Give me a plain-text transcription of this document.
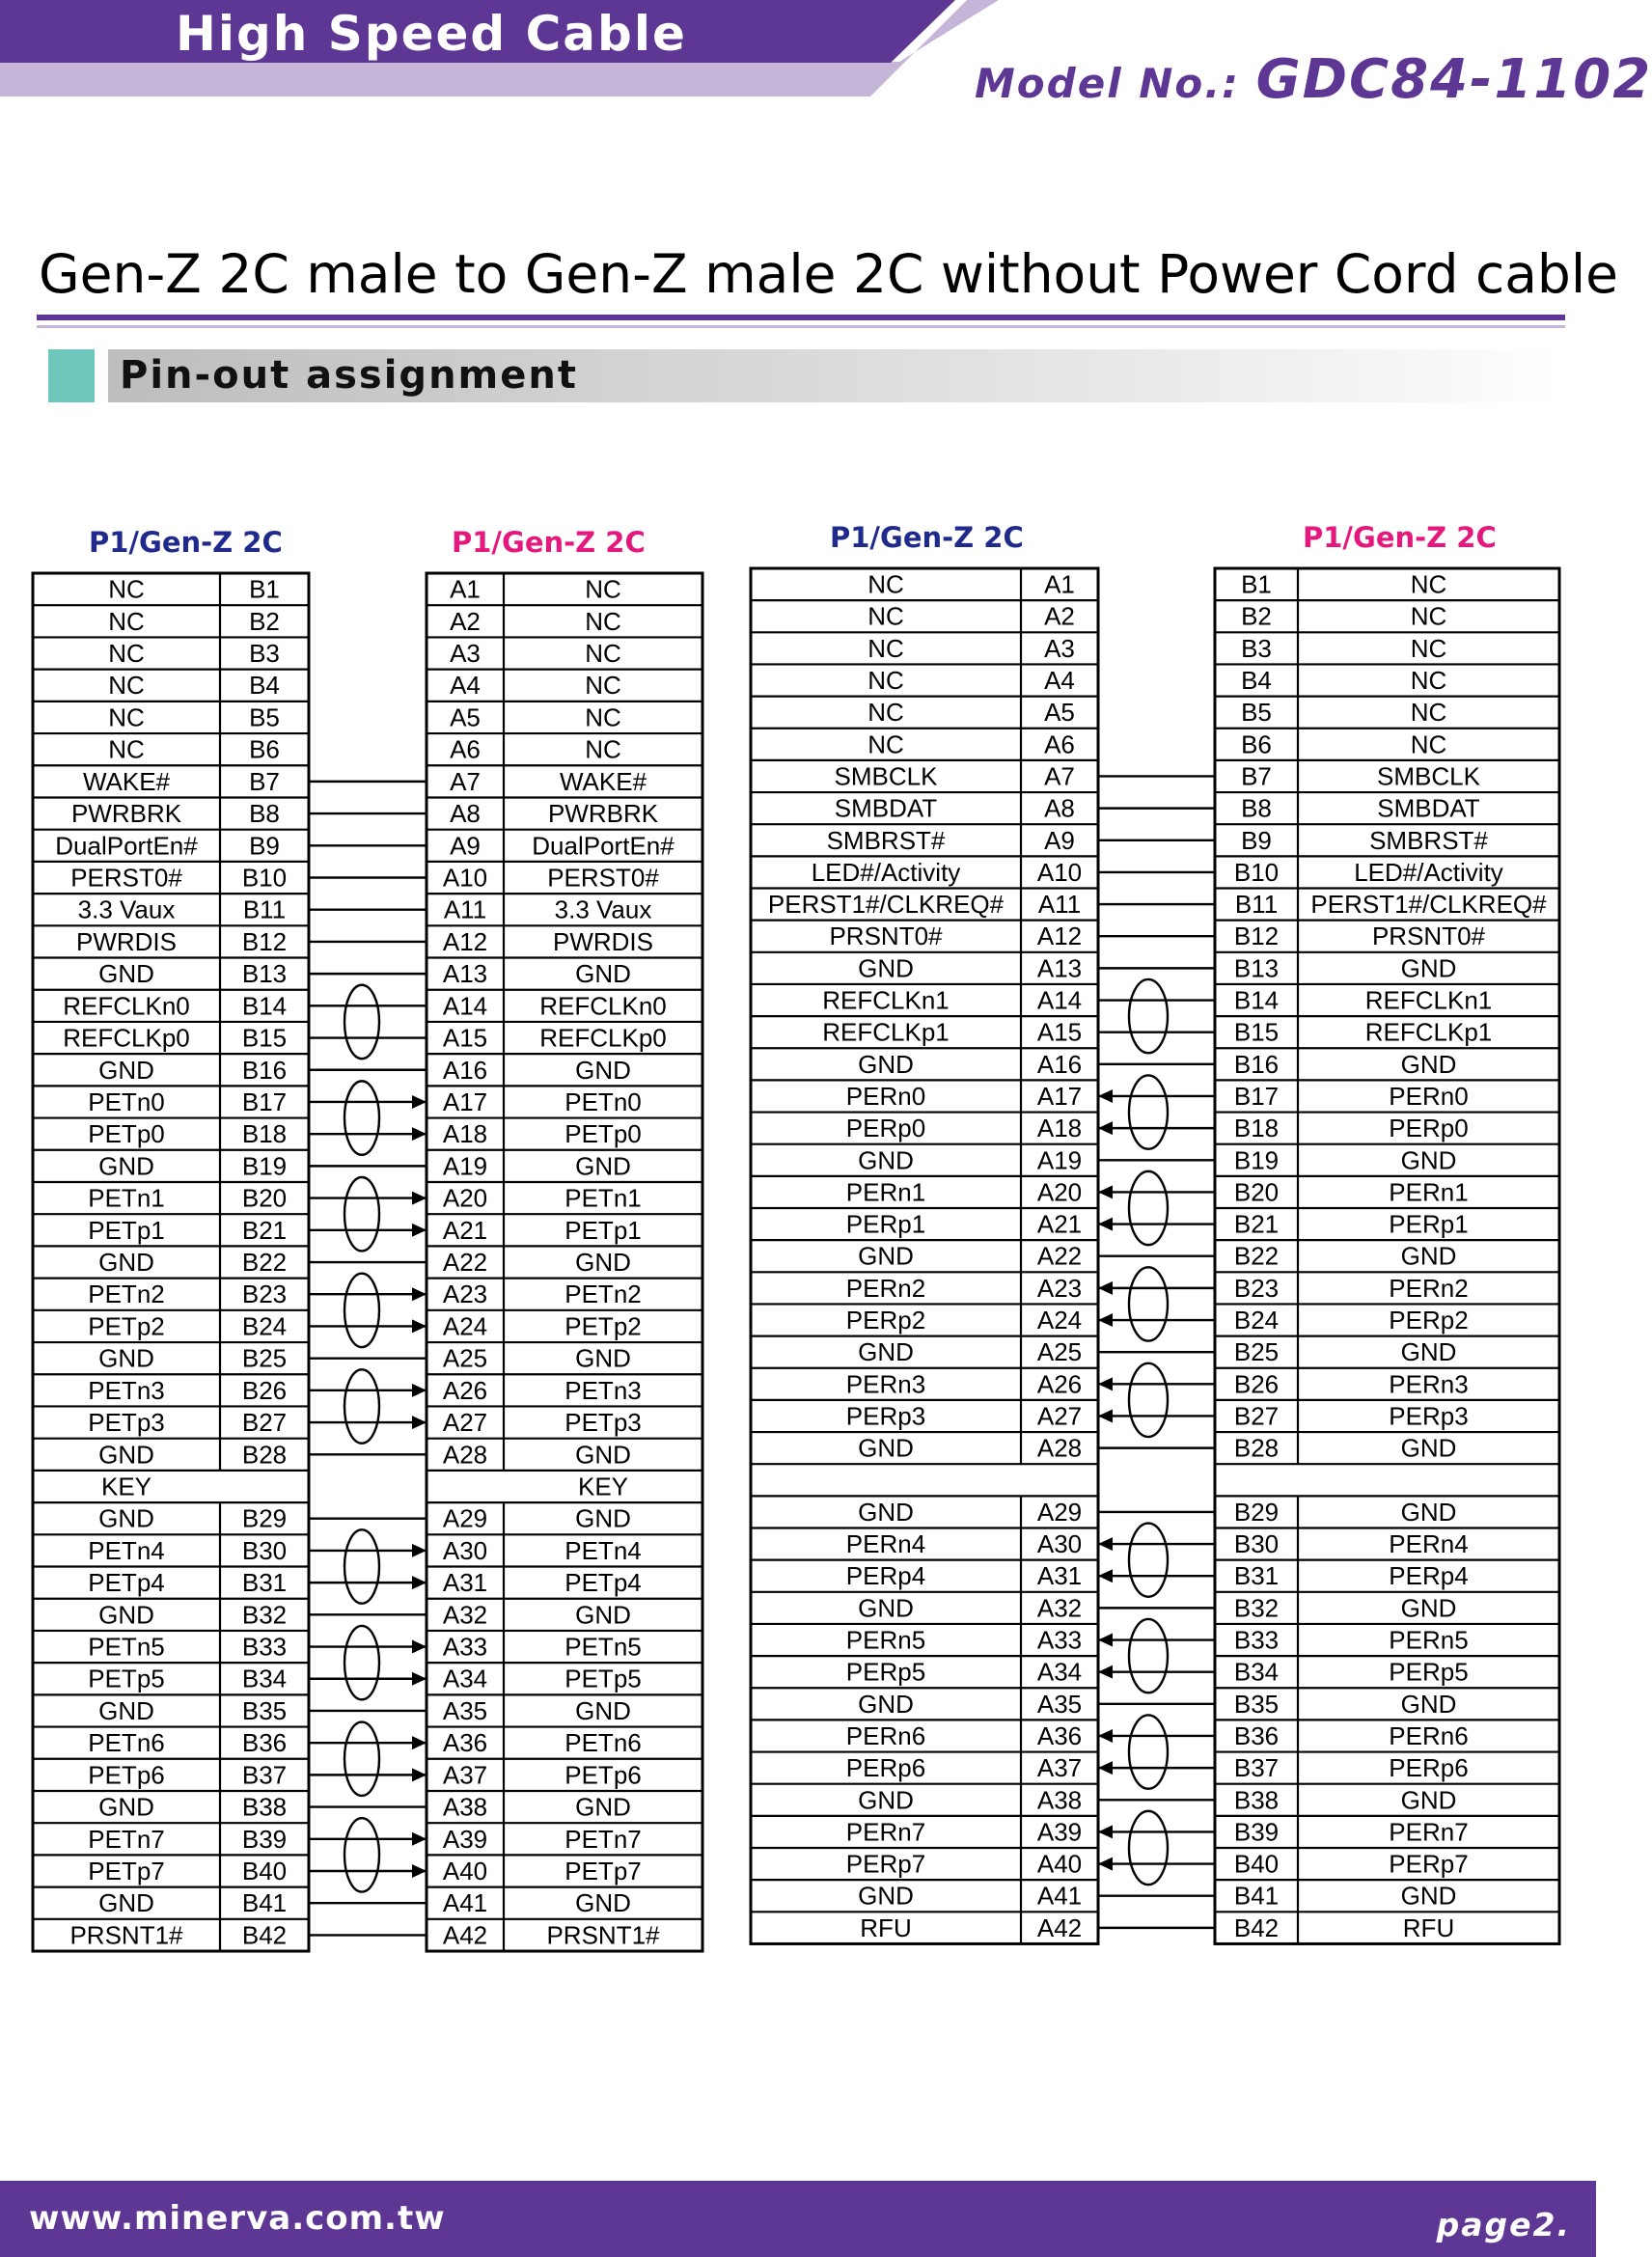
High Speed Cable
Model No.: GDC84-1102
Gen-Z 2C male to Gen-Z male 2C without Power Cord cable
Pin-out assignment
P1/Gen-Z 2C	P1/Gen-Z 2C	P1/Gen-Z 2C	P1/Gen-Z 2C
NC	B1	A1	NC
NC	B2	A2	NC
NC	B3	A3	NC
NC	B4	A4	NC
NC	B5	A5	NC
NC	B6	A6	NC
WAKE#	B7	A7	WAKE#
PWRBRK	B8	A8	PWRBRK
DualPortEn# B9	A9 DualPortEn#
PERST0# B10	A10 PERST0#
3.3 Vaux	B11	A11	3.3 Vaux
PWRDIS	B12	A12	PWRDIS
GND	B13	A13	GND
REFCLKn0 B14	A14 REFCLKn0
REFCLKp0 B15	A15 REFCLKp0
GND	B16	A16	GND
PETn0	B17	A17	PETn0
PETp0	B18	A18	PETp0
GND	B19	A19	GND
PETn1	B20	A20	PETn1
PETp1	B21	A21	PETp1
GND	B22	A22	GND
PETn2	B23	A23	PETn2
PETp2	B24	A24	PETp2
GND	B25	A25	GND
PETn3	B26	A26	PETn3
PETp3	B27	A27	PETp3
GND	B28	A28	GND
KEY	KEY
GND	B29	A29	GND
PETn4	B30	A30	PETn4
PETp4	B31	A31	PETp4
GND	B32	A32	GND
PETn5	B33	A33	PETn5
PETp5	B34	A34	PETp5
GND	B35	A35	GND
PETn6	B36	A36	PETn6
PETp6	B37	A37	PETp6
GND	B38	A38	GND
PETn7	B39	A39	PETn7
PETp7	B40	A40	PETp7
GND	B41	A41	GND
PRSNT1# B42	A42 PRSNT1#
NC	A1	B1	NC
NC	A2	B2	NC
NC	A3	B3	NC
NC	A4	B4	NC
NC	A5	B5	NC
NC	A6	B6	NC
SMBCLK	A7	B7	SMBCLK
SMBDAT	A8	B8	SMBDAT
SMBRST#	A9	B9	SMBRST#
LED#/Activity	A10	B10	LED#/Activity
PERST1#/CLKREQ# A11	B11 PERST1#/CLKREQ#
PRSNT0#	A12	B12	PRSNT0#
GND	A13	B13	GND
REFCLKn1	A14	B14	REFCLKn1
REFCLKp1	A15	B15	REFCLKp1
GND	A16	B16	GND
PERn0	A17	B17	PERn0
PERp0	A18	B18	PERp0
GND	A19	B19	GND
PERn1	A20	B20	PERn1
PERp1	A21	B21	PERp1
GND	A22	B22	GND
PERn2	A23	B23	PERn2
PERp2	A24	B24	PERp2
GND	A25	B25	GND
PERn3	A26	B26	PERn3
PERp3	A27	B27	PERp3
GND	A28	B28	GND
GND	A29	B29	GND
PERn4	A30	B30	PERn4
PERp4	A31	B31	PERp4
GND	A32	B32	GND
PERn5	A33	B33	PERn5
PERp5	A34	B34	PERp5
GND	A35	B35	GND
PERn6	A36	B36	PERn6
PERp6	A37	B37	PERp6
GND	A38	B38	GND
PERn7	A39	B39	PERn7
PERp7	A40	B40	PERp7
GND	A41	B41	GND
RFU	A42	B42	RFU
www.minerva.com.tw	page2.
